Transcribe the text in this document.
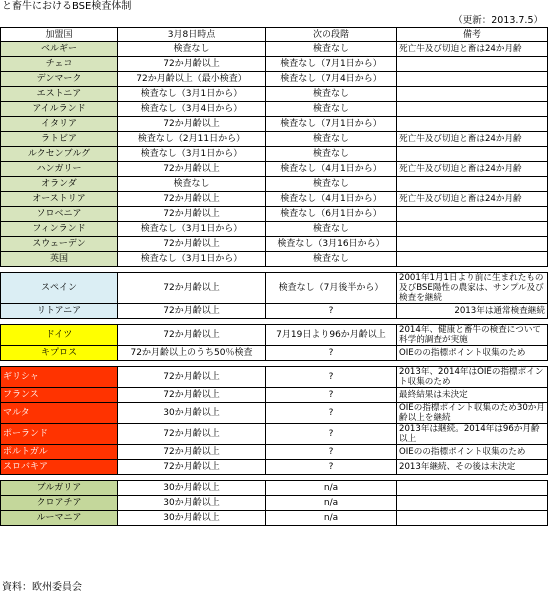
と畜牛におけるBSE検査体制
（更新：2013.7.5）
加盟国	3月8日時点	次の段階	備考
ベルギー	検査なし	検査なし	死亡牛及び切迫と畜は24か月齢
チェコ	72か月齢以上	検査なし（7月1日から）	
デンマーク	72か月齢以上（最小検査）	検査なし（7月4日から）	
エストニア	検査なし（3月1日から）	検査なし	
アイルランド	検査なし（3月4日から）	検査なし	
イタリア	72か月齢以上	検査なし（7月1日から）	
ラトビア	検査なし（2月11日から）	検査なし	死亡牛及び切迫と畜は24か月齢
ルクセンブルグ	検査なし（3月1日から）	検査なし	
ハンガリー	72か月齢以上	検査なし（4月1日から）	死亡牛及び切迫と畜は24か月齢
オランダ	検査なし	検査なし	
オーストリア	72か月齢以上	検査なし（4月1日から）	死亡牛及び切迫と畜は24か月齢
ソロベニア	72か月齢以上	検査なし（6月1日から）	
フィンランド	検査なし（3月1日から）	検査なし	
スウェーデン	72か月齢以上	検査なし（3月16日から）	
英国	検査なし（3月1日から）	検査なし	

スペイン	72か月齢以上	検査なし（7月後半から）	2001年1月1日より前に生まれたもの及びBSE陽性の農家は、サンプル及び検査を継続
リトアニア	72か月齢以上	?	2013年は通常検査継続

ドイツ	72か月齢以上	7月19日より96か月齢以上	2014年、健康と畜牛の検査について科学的調査が実施
キプロス	72か月齢以上のうち50％検査	?	OIEのの指標ポイント収集のため

ギリシャ	72か月齢以上	?	2013年、2014年はOIEの指標ポイント収集のため
フランス	72か月齢以上	?	最終結果は未決定
マルタ	30か月齢以上	?	OIEの指標ポイント収集のため30か月齢以上を継続
ポーランド	72か月齢以上	?	2013年は継続。2014年は96か月齢以上
ポルトガル	72か月齢以上	?	OIEのの指標ポイント収集のため
スロバキア	72か月齢以上	?	2013年継続、その後は未決定

ブルガリア	30か月齢以上	n/a	
クロアチア	30か月齢以上	n/a	
ルーマニア	30か月齢以上	n/a	
資料：欧州委員会
